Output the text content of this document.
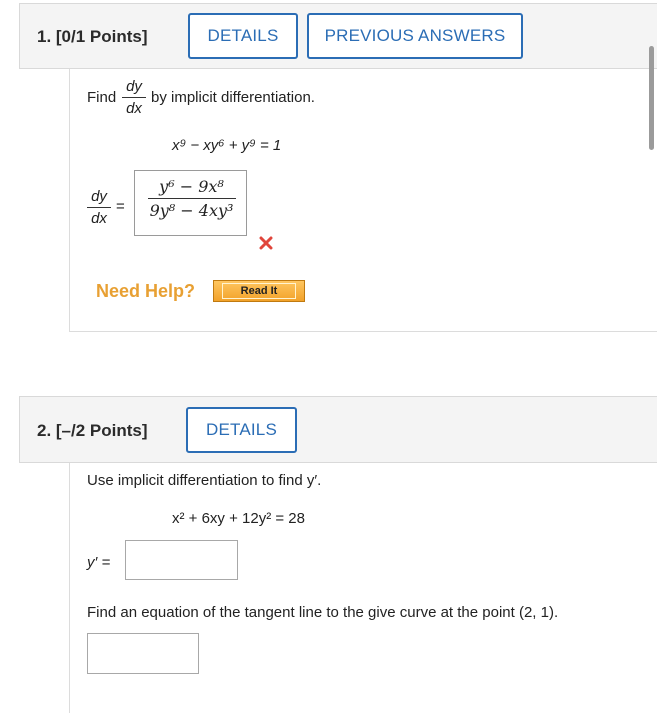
1. [0/1 Points]	DETAILS	PREVIOUS ANSWERS
Find
dy
dx
by implicit differentiation.
x⁹ − xy⁶ + y⁹ = 1
dy
dx
=
y⁶ − 9x⁸
9y⁸ − 4xy³
Need Help?	Read It
2. [–/2 Points]	DETAILS
Use implicit differentiation to find y′.
x² + 6xy + 12y² = 28
y′ =
Find an equation of the tangent line to the give curve at the point (2, 1).
